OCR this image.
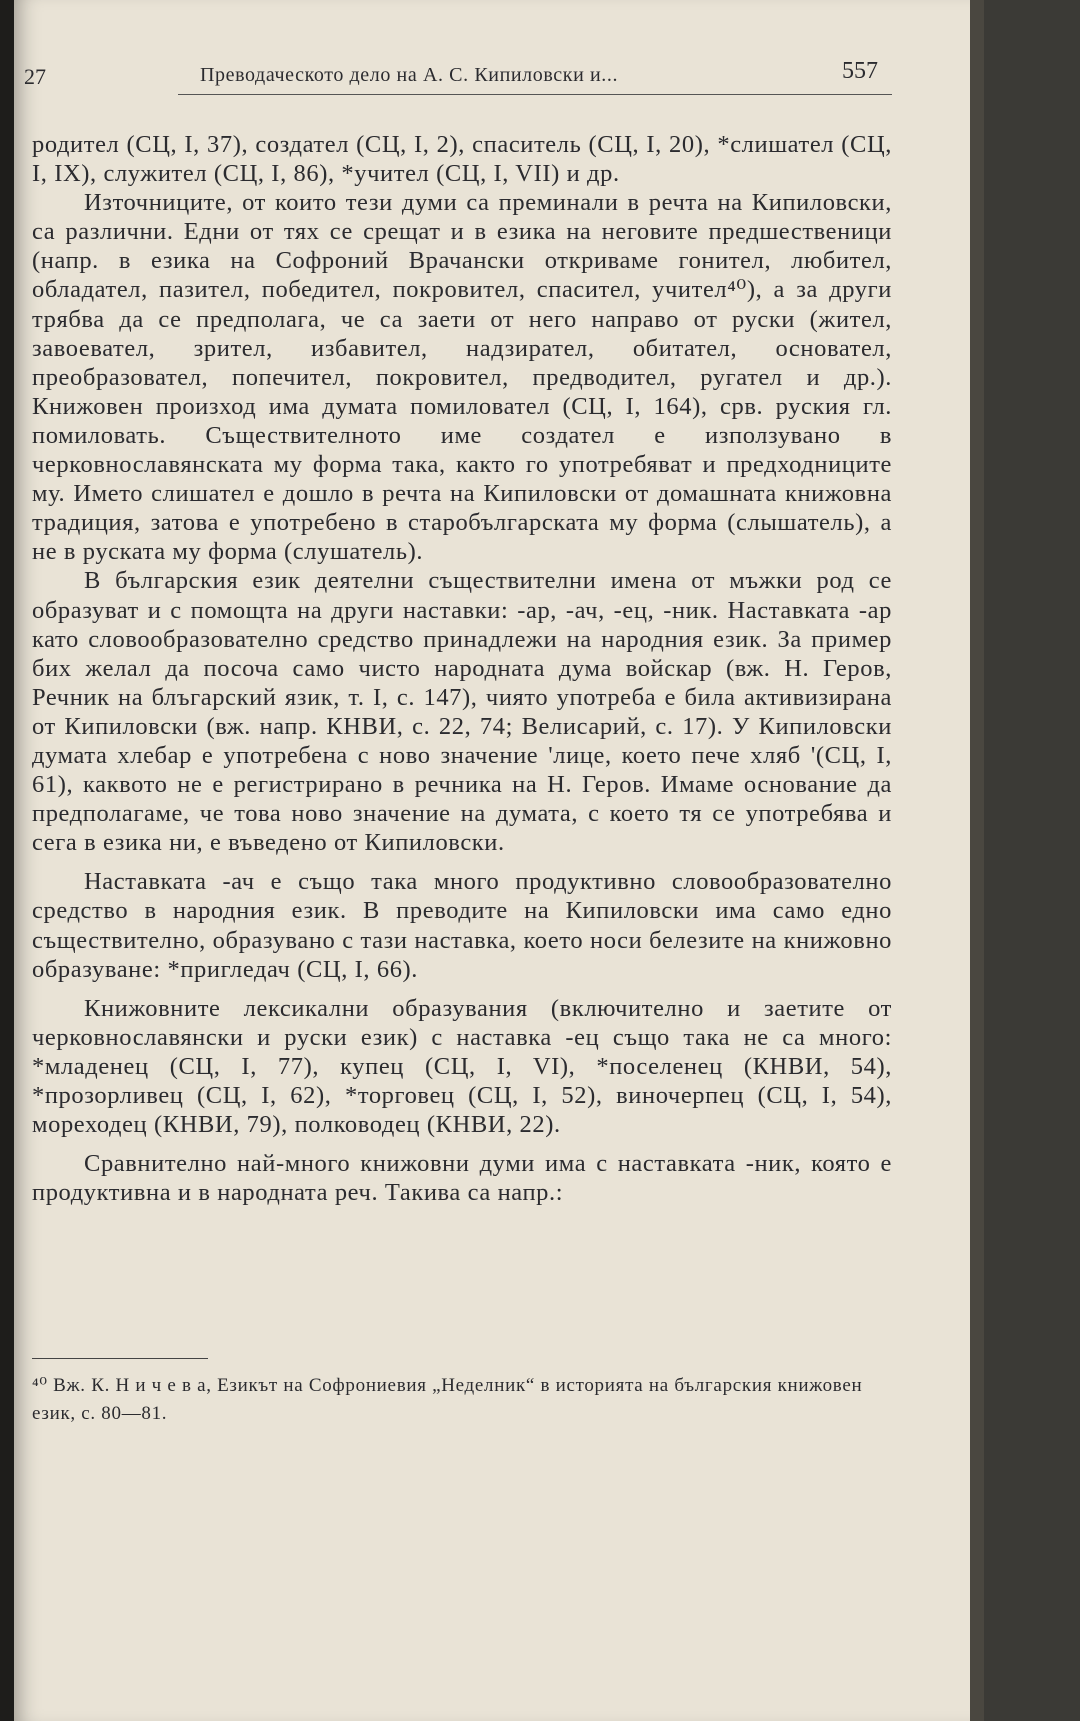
27	Преводаческото дело на А. С. Кипиловски и...	557

родител (СЦ, I, 37), создател (СЦ, I, 2), спаситель (СЦ, I, 20), *слишател (СЦ, I, IX), служител (СЦ, I, 86), *учител (СЦ, I, VII) и др.

Източниците, от които тези думи са преминали в речта на Кипиловски, са различни. Едни от тях се срещат и в езика на неговите предшественици (напр. в езика на Софроний Врачански откриваме гонител, любител, обладател, пазител, победител, покровител, спасител, учител⁴⁰), а за други трябва да се предполага, че са заети от него направо от руски (жител, завоевател, зрител, избавител, надзирател, обитател, основател, преобразовател, попечител, покровител, предводител, ругател и др.). Книжовен произход има думата помиловател (СЦ, I, 164), срв. руския гл. помиловать. Съществителното име создател е използувано в черковнославянската му форма така, както го употребяват и предходниците му. Името слишател е дошло в речта на Кипиловски от домашната книжовна традиция, затова е употребено в старобългарската му форма (слышатель), а не в руската му форма (слушатель).

В българския език деятелни съществителни имена от мъжки род се образуват и с помощта на други наставки: -ар, -ач, -ец, -ник. Наставката -ар като словообразователно средство принадлежи на народния език. За пример бих желал да посоча само чисто народната дума войскар (вж. Н. Геров, Речник на блъгарский язик, т. I, с. 147), чиято употреба е била активизирана от Кипиловски (вж. напр. КНВИ, с. 22, 74; Велисарий, с. 17). У Кипиловски думата хлебар е употребена с ново значение 'лице, което пече хляб '(СЦ, I, 61), каквото не е регистрирано в речника на Н. Геров. Имаме основание да предполагаме, че това ново значение на думата, с което тя се употребява и сега в езика ни, е въведено от Кипиловски.

Наставката -ач е също така много продуктивно словообразователно средство в народния език. В преводите на Кипиловски има само едно съществително, образувано с тази наставка, което носи белезите на книжовно образуване: *пригледач (СЦ, I, 66).

Книжовните лексикални образувания (включително и заетите от черковнославянски и руски език) с наставка -ец също така не са много: *младенец (СЦ, I, 77), купец (СЦ, I, VI), *поселенец (КНВИ, 54), *прозорливец (СЦ, I, 62), *торговец (СЦ, I, 52), виночерпец (СЦ, I, 54), мореходец (КНВИ, 79), полководец (КНВИ, 22).

Сравнително най-много книжовни думи има с наставката -ник, която е продуктивна и в народната реч. Такива са напр.:

⁴⁰ Вж. К. Н и ч е в а, Езикът на Софрониевия „Неделник“ в историята на българския книжовен език, с. 80—81.
